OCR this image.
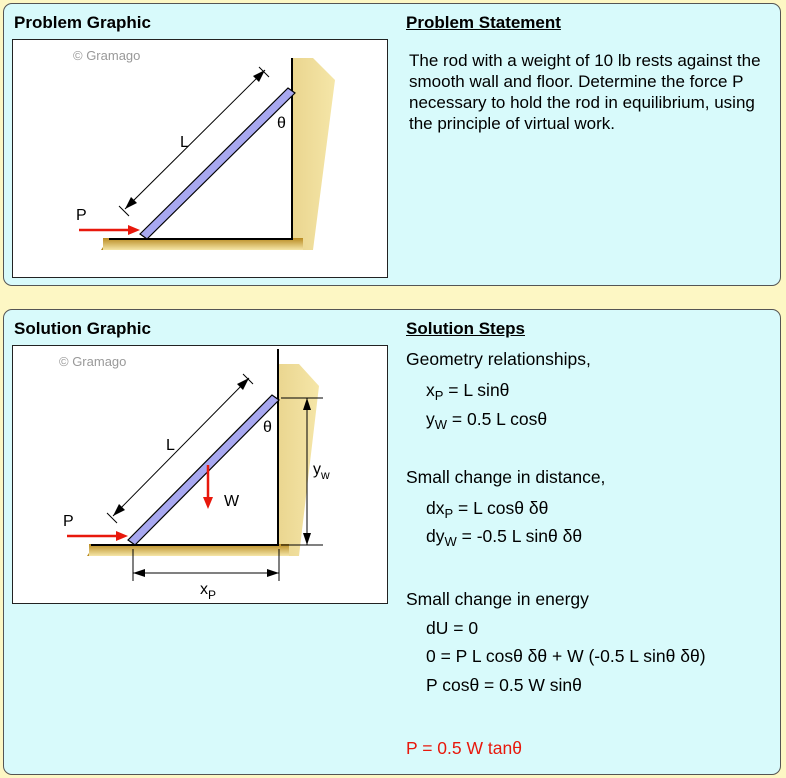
Problem Graphic	Problem Statement
© Gramago
L
θ
P
The rod with a weight of 10 lb rests against the smooth wall and floor. Determine the force P necessary to hold the rod in equilibrium, using the principle of virtual work.
Solution Graphic	Solution Steps
© Gramago
L
θ
W
P
$y_w$
$x_P$
Geometry relationships,
$x_P = L$ sinθ
$y_W = 0.5$ L cosθ
Small change in distance,
$dx_P = L$ cosθ δθ
$dy_W = -0.5$ L sinθ δθ
Small change in energy
dU = 0
0 = P L cosθ δθ + W (-0.5 L sinθ δθ)
P cosθ = 0.5 W sinθ
P = 0.5 W tanθ
